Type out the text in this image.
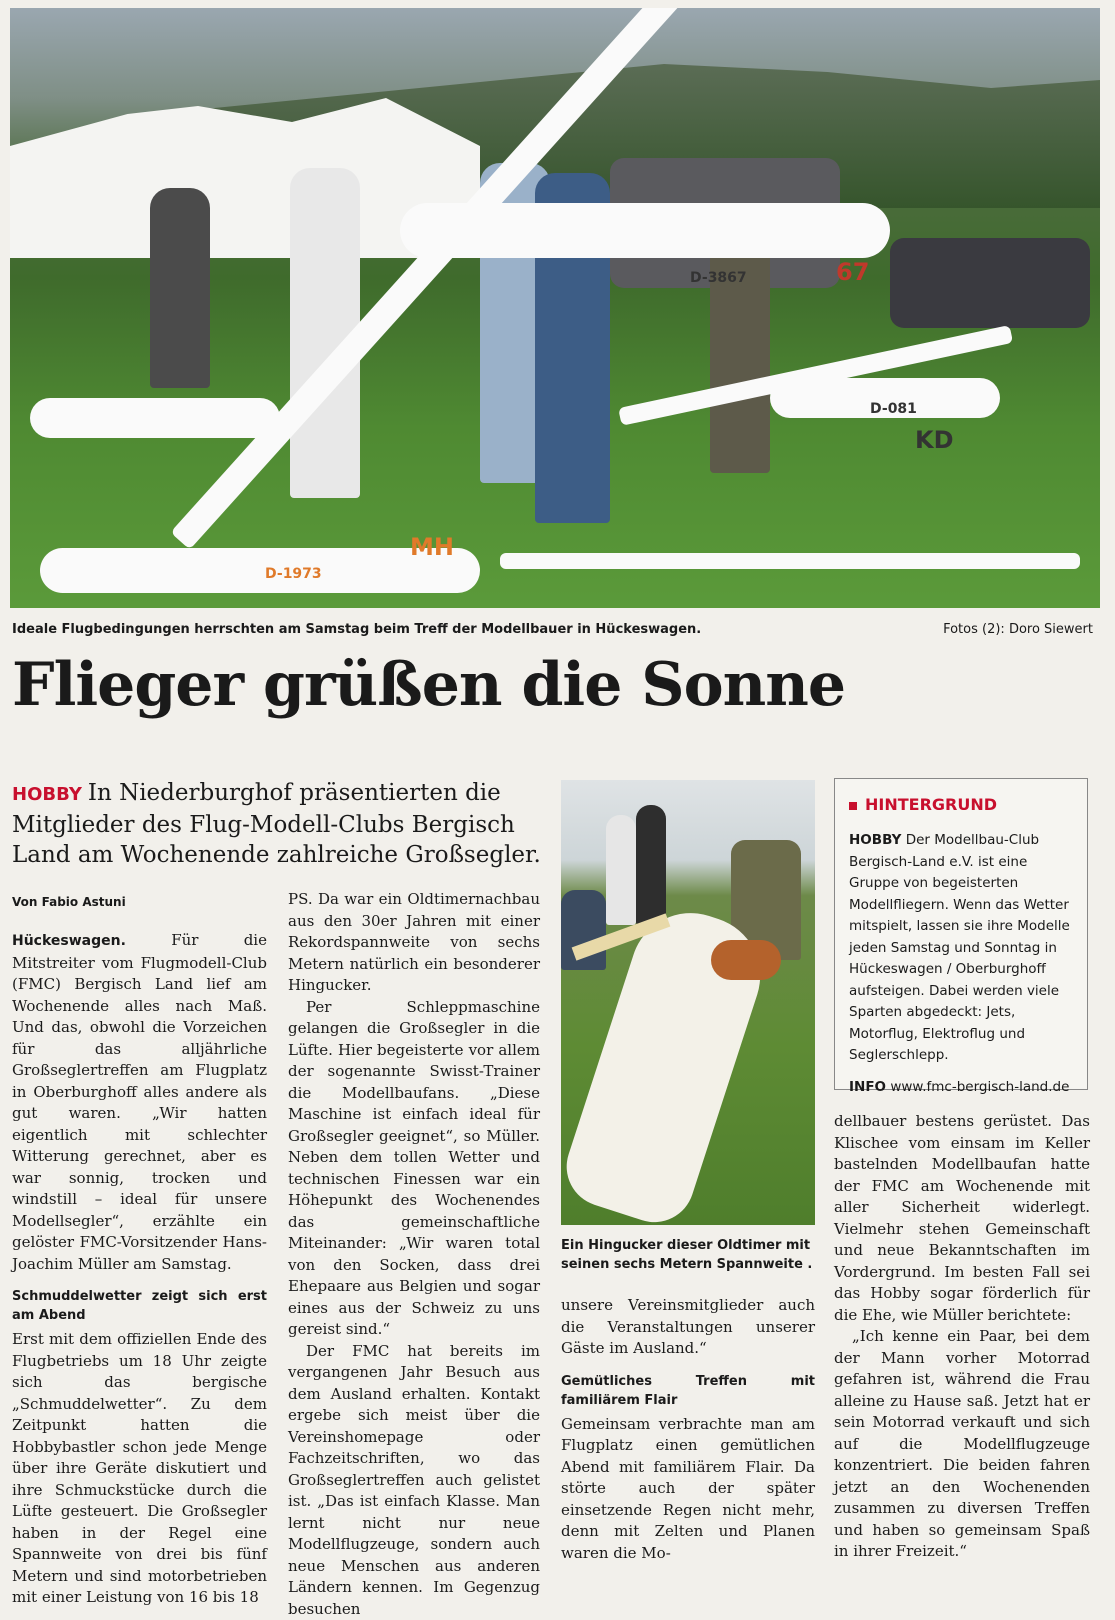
D-3867	67
D-1973
MH
KD
D-081
Ideale Flugbedingungen herrschten am Samstag beim Treff der Modellbauer in Hückeswagen.	Fotos (2): Doro Siewert
Flieger grüßen die Sonne
HOBBY In Niederburghof präsentierten die Mitglieder des Flug-Modell-Clubs Bergisch Land am Wochenende zahlreiche Großsegler.
Von Fabio Astuni

Hückeswagen.	Für die Mitstreiter vom Flugmodell-Club (FMC) Bergisch Land lief am Wochenende alles nach Maß. Und das, obwohl die Vorzeichen für das alljährliche Großseglertreffen am Flugplatz in Oberburghoff alles andere als gut waren. „Wir hatten eigentlich mit schlechter Witterung gerechnet, aber es war sonnig, trocken und windstill – ideal für unsere Modellsegler“, erzählte ein gelöster FMC-Vorsitzender Hans-Joachim Müller am Samstag.

Schmuddelwetter zeigt sich erst am Abend

Erst mit dem offiziellen Ende des Flugbetriebs um 18 Uhr zeigte sich das bergische „Schmuddelwetter“. Zu dem Zeitpunkt hatten die Hobbybastler schon jede Menge über ihre Geräte diskutiert und ihre Schmuckstücke durch die Lüfte gesteuert. Die Großsegler haben in der Regel eine Spannweite von drei bis fünf Metern und sind motorbetrieben mit einer Leistung von 16 bis 18

PS. Da war ein Oldtimernachbau aus den 30er Jahren mit einer Rekordspannweite von sechs Metern natürlich ein besonderer Hingucker.

Per Schleppmaschine gelangen die Großsegler in die Lüfte. Hier begeisterte vor allem der sogenannte Swisst-Trainer die Modellbaufans. „Diese Maschine ist einfach ideal für Großsegler geeignet“, so Müller. Neben dem tollen Wetter und technischen Finessen war ein Höhepunkt des Wochenendes das gemeinschaftliche Miteinander: „Wir waren total von den Socken, dass drei Ehepaare aus Belgien und sogar eines aus der Schweiz zu uns gereist sind.“

Der FMC hat bereits im vergangenen Jahr Besuch aus dem Ausland erhalten. Kontakt ergebe sich meist über die Vereinshomepage oder Fachzeitschriften, wo das Großseglertreffen auch gelistet ist. „Das ist einfach Klasse. Man lernt nicht nur neue Modellflugzeuge, sondern auch neue Menschen aus anderen Ländern kennen. Im Gegenzug besuchen

Ein Hingucker dieser Oldtimer mit seinen sechs Metern Spannweite .

unsere Vereinsmitglieder auch die Veranstaltungen unserer Gäste im Ausland.“

Gemütliches Treffen mit familiärem Flair

Gemeinsam verbrachte man am Flugplatz einen gemütlichen Abend mit familiärem Flair. Da störte auch der später einsetzende Regen nicht mehr, denn mit Zelten und Planen waren die Mo-

HINTERGRUND
HOBBY Der Modellbau-Club Bergisch-Land e.V. ist eine Gruppe von begeisterten Modellfliegern. Wenn das Wetter mitspielt, lassen sie ihre Modelle jeden Samstag und Sonntag in Hückeswagen / Oberburghoff aufsteigen. Dabei werden viele Sparten abgedeckt: Jets, Motorflug, Elektroflug und Seglerschlepp.
INFO www.fmc-bergisch-land.de

dellbauer bestens gerüstet. Das Klischee vom einsam im Keller bastelnden Modellbaufan hatte der FMC am Wochenende mit aller Sicherheit widerlegt. Vielmehr stehen Gemeinschaft und neue Bekanntschaften im Vordergrund. Im besten Fall sei das Hobby sogar förderlich für die Ehe, wie Müller berichtete:

„Ich kenne ein Paar, bei dem der Mann vorher Motorrad gefahren ist, während die Frau alleine zu Hause saß. Jetzt hat er sein Motorrad verkauft und sich auf die Modellflugzeuge konzentriert. Die beiden fahren jetzt an den Wochenenden zusammen zu diversen Treffen und haben so gemeinsam Spaß in ihrer Freizeit.“
